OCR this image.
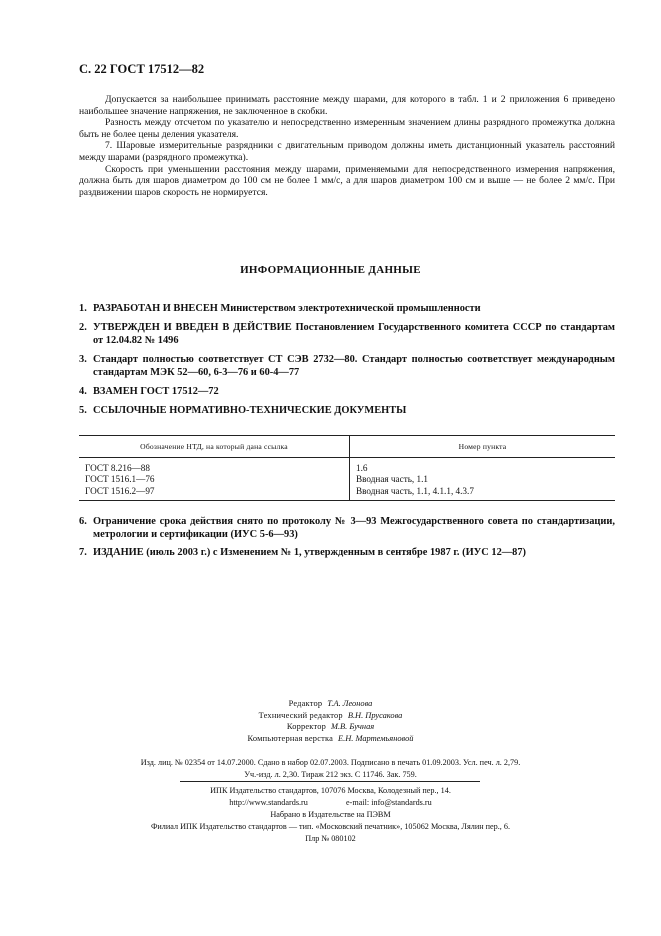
С. 22 ГОСТ 17512—82

Допускается за наибольшее принимать расстояние между шарами, для которого в табл. 1 и 2 приложения 6 приведено наибольшее значение напряжения, не заключенное в скобки.

Разность между отсчетом по указателю и непосредственно измеренным значением длины разрядного промежутка должна быть не более цены деления указателя.

7. Шаровые измерительные разрядники с двигательным приводом должны иметь дистанционный указатель расстояний между шарами (разрядного промежутка).

Скорость при уменьшении расстояния между шарами, применяемыми для непосредственного измерения напряжения, должна быть для шаров диаметром до 100 см не более 1 мм/с, а для шаров диаметром 100 см и выше — не более 2 мм/с. При раздвижении шаров скорость не нормируется.

ИНФОРМАЦИОННЫЕ ДАННЫЕ
1. РАЗРАБОТАН И ВНЕСЕН Министерством электротехнической промышленности
2. УТВЕРЖДЕН И ВВЕДЕН В ДЕЙСТВИЕ Постановлением Государственного комитета СССР по стандартам от 12.04.82 № 1496
3. Стандарт полностью соответствует СТ СЭВ 2732—80. Стандарт полностью соответствует международным стандартам МЭК 52—60, 6-3—76 и 60-4—77
4. ВЗАМЕН ГОСТ 17512—72
5. ССЫЛОЧНЫЕ НОРМАТИВНО-ТЕХНИЧЕСКИЕ ДОКУМЕНТЫ
Обозначение НТД, на который дана ссылка	Номер пункта
ГОСТ 8.216—88	1.6
ГОСТ 1516.1—76	Вводная часть, 1.1
ГОСТ 1516.2—97	Вводная часть, 1.1, 4.1.1, 4.3.7
6. Ограничение срока действия снято по протоколу № 3—93 Межгосударственного совета по стандартизации, метрологии и сертификации (ИУС 5-6—93)
7. ИЗДАНИЕ (июль 2003 г.) с Изменением № 1, утвержденным в сентябре 1987 г. (ИУС 12—87)
Редактор Т.А. Леонова
Технический редактор В.Н. Прусакова
Корректор М.В. Бучная
Компьютерная верстка Е.Н. Мартемьяновой
Изд. лиц. № 02354 от 14.07.2000. Сдано в набор 02.07.2003. Подписано в печать 01.09.2003. Усл. печ. л. 2,79.
Уч.-изд. л. 2,30. Тираж 212 экз. С 11746. Зак. 759.
ИПК Издательство стандартов, 107076 Москва, Колодезный пер., 14.
http://www.standards.ru	e-mail: info@standards.ru
Набрано в Издательстве на ПЭВМ
Филиал ИПК Издательство стандартов — тип. «Московский печатник», 105062 Москва, Лялин пер., 6.
Плр № 080102
